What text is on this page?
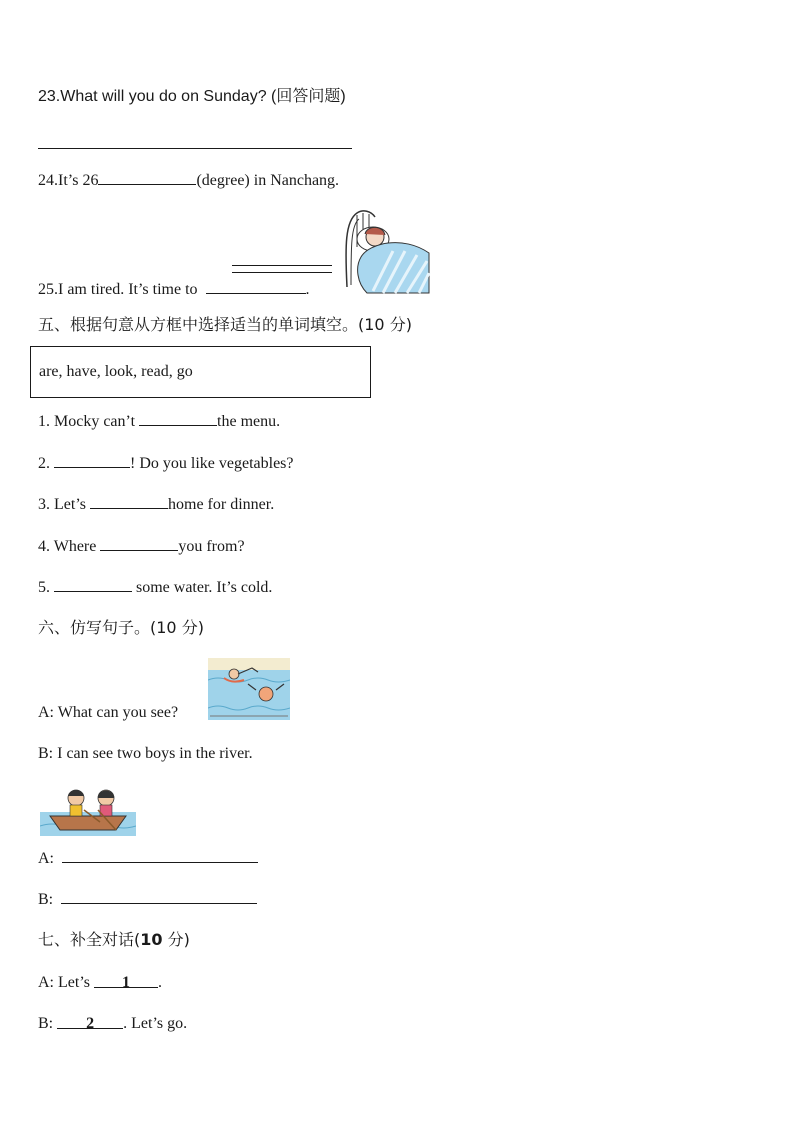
23.What will you do on Sunday? (回答问题)
24.It’s 26	(degree) in Nanchang.
25.I am tired. It’s time to	.
五、根据句意从方框中选择适当的单词填空。(10 分)
are, have, look, read, go
1. Mocky can’t	the menu.
2.	! Do you like vegetables?
3. Let’s	home for dinner.
4. Where	you from?
5.	some water. It’s cold.
六、仿写句子。(10 分)
A: What can you see?
B: I can see two boys in the river.
A:
B:
七、补全对话(10 分)
A: Let’s 1 .
B: 2 . Let’s go.
